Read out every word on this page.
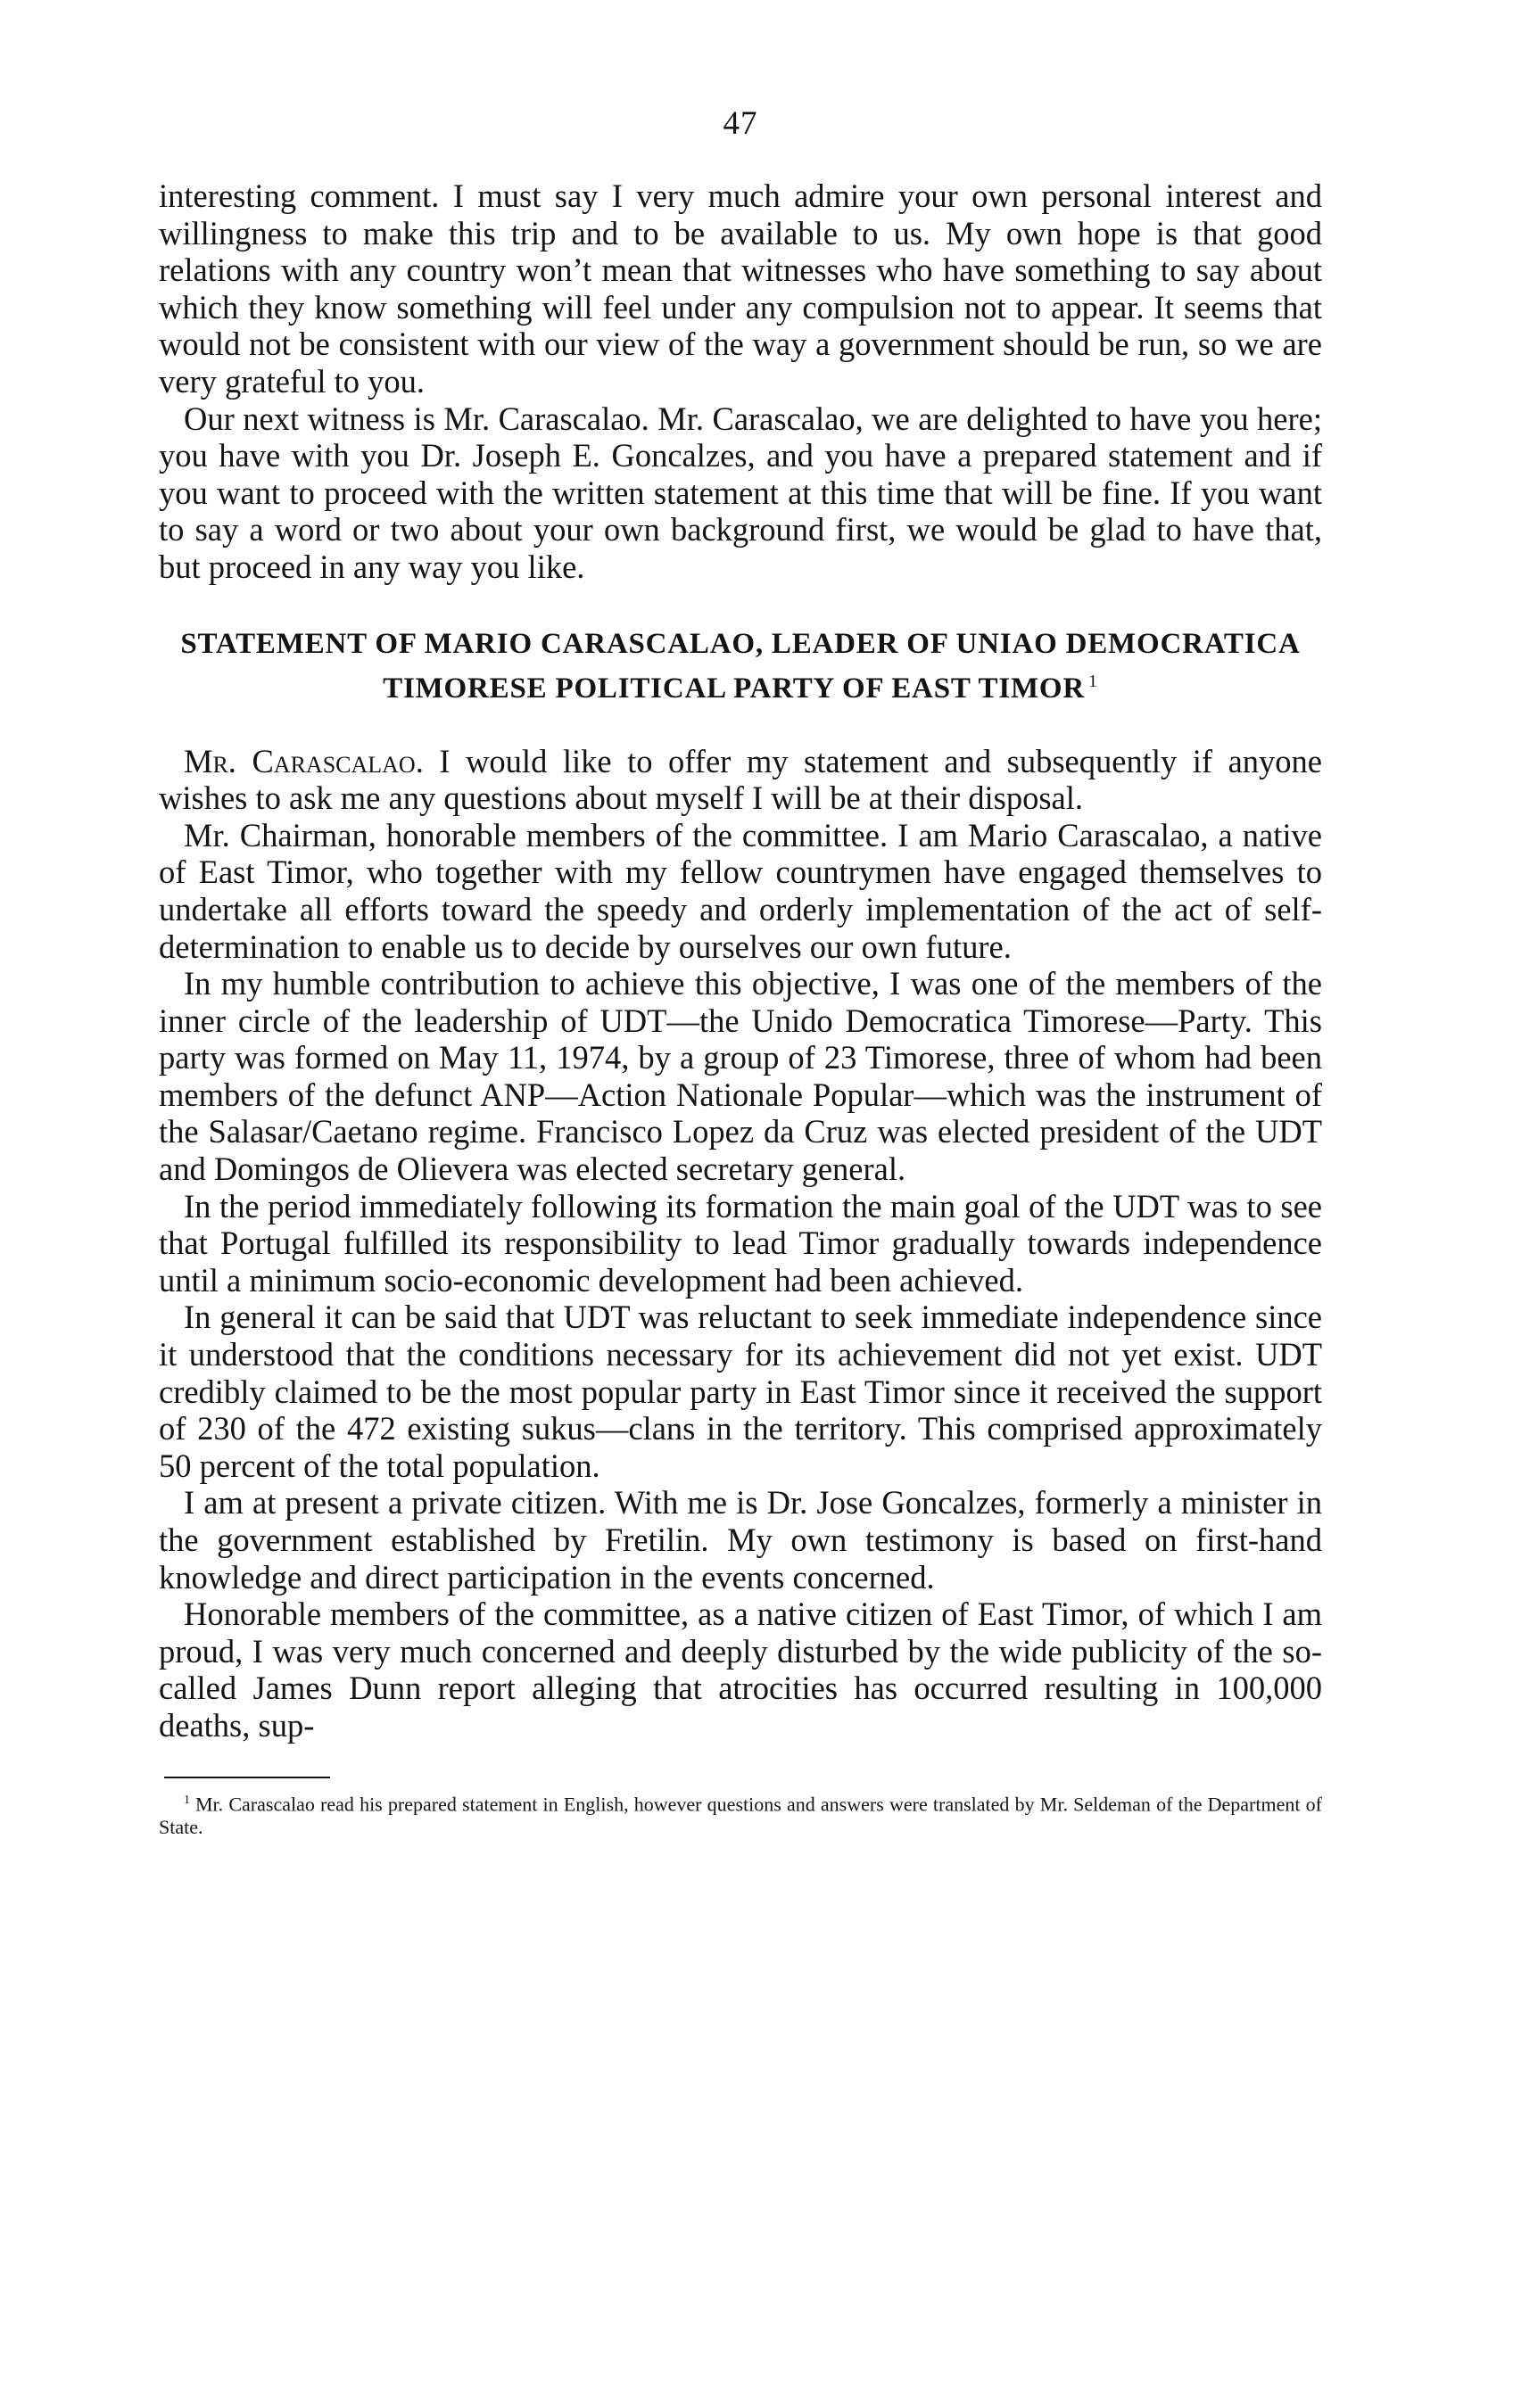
47

interesting comment. I must say I very much admire your own personal interest and willingness to make this trip and to be available to us. My own hope is that good relations with any country won’t mean that witnesses who have something to say about which they know something will feel under any compulsion not to appear. It seems that would not be consistent with our view of the way a government should be run, so we are very grateful to you.

Our next witness is Mr. Carascalao. Mr. Carascalao, we are delighted to have you here; you have with you Dr. Joseph E. Goncalzes, and you have a prepared statement and if you want to proceed with the written statement at this time that will be fine. If you want to say a word or two about your own background first, we would be glad to have that, but proceed in any way you like.

STATEMENT OF MARIO CARASCALAO, LEADER OF UNIAO DEMOCRATICA TIMORESE POLITICAL PARTY OF EAST TIMOR $^1$

Mr. Carascalao. I would like to offer my statement and subsequently if anyone wishes to ask me any questions about myself I will be at their disposal.

Mr. Chairman, honorable members of the committee. I am Mario Carascalao, a native of East Timor, who together with my fellow countrymen have engaged themselves to undertake all efforts toward the speedy and orderly implementation of the act of self-determination to enable us to decide by ourselves our own future.

In my humble contribution to achieve this objective, I was one of the members of the inner circle of the leadership of UDT—the Unido Democratica Timorese—Party. This party was formed on May 11, 1974, by a group of 23 Timorese, three of whom had been members of the defunct ANP—Action Nationale Popular—which was the instrument of the Salasar/Caetano regime. Francisco Lopez da Cruz was elected president of the UDT and Domingos de Olievera was elected secretary general.

In the period immediately following its formation the main goal of the UDT was to see that Portugal fulfilled its responsibility to lead Timor gradually towards independence until a minimum socio-economic development had been achieved.

In general it can be said that UDT was reluctant to seek immediate independence since it understood that the conditions necessary for its achievement did not yet exist. UDT credibly claimed to be the most popular party in East Timor since it received the support of 230 of the 472 existing sukus—clans in the territory. This comprised approximately 50 percent of the total population.

I am at present a private citizen. With me is Dr. Jose Goncalzes, formerly a minister in the government established by Fretilin. My own testimony is based on first-hand knowledge and direct participation in the events concerned.

Honorable members of the committee, as a native citizen of East Timor, of which I am proud, I was very much concerned and deeply disturbed by the wide publicity of the so-called James Dunn report alleging that atrocities has occurred resulting in 100,000 deaths, sup-

$^1$ Mr. Carascalao read his prepared statement in English, however questions and answers were translated by Mr. Seldeman of the Department of State.
